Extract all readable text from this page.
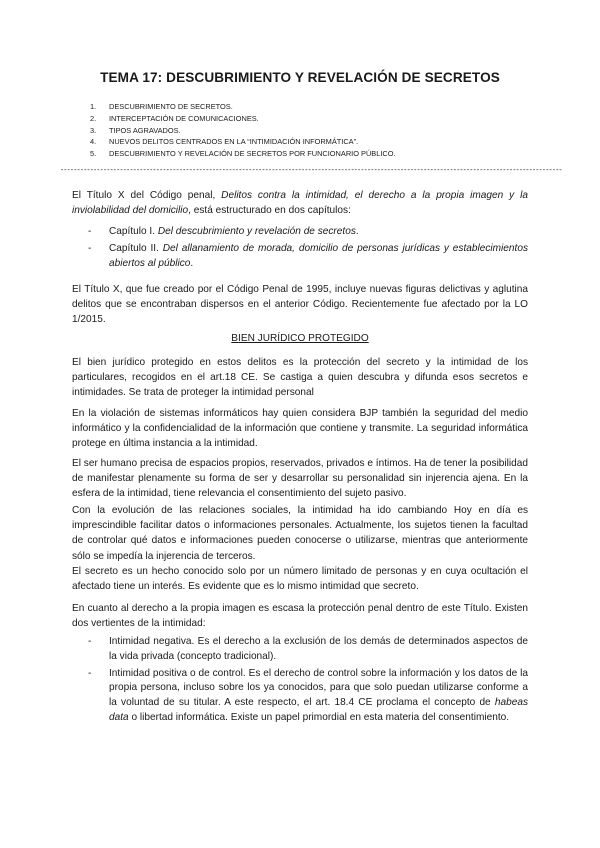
TEMA 17: DESCUBRIMIENTO Y REVELACIÓN DE SECRETOS
1. DESCUBRIMIENTO DE SECRETOS.
2. INTERCEPTACIÓN DE COMUNICACIONES.
3. TIPOS AGRAVADOS.
4. NUEVOS DELITOS CENTRADOS EN LA “INTIMIDACIÓN INFORMÁTICA”.
5. DESCUBRIMIENTO Y REVELACIÓN DE SECRETOS POR FUNCIONARIO PÚBLICO.
--------------------------------------------------------------------------------------------------------------------------------------------------------

El Título X del Código penal, Delitos contra la intimidad, el derecho a la propia imagen y la inviolabilidad del domicilio, está estructurado en dos capítulos:

- Capítulo I. Del descubrimiento y revelación de secretos.
- Capítulo II. Del allanamiento de morada, domicilio de personas jurídicas y establecimientos abiertos al público.

El Título X, que fue creado por el Código Penal de 1995, incluye nuevas figuras delictivas y aglutina delitos que se encontraban dispersos en el anterior Código. Recientemente fue afectado por la LO 1/2015.

BIEN JURÍDICO PROTEGIDO

El bien jurídico protegido en estos delitos es la protección del secreto y la intimidad de los particulares, recogidos en el art.18 CE. Se castiga a quien descubra y difunda esos secretos e intimidades. Se trata de proteger la intimidad personal

En la violación de sistemas informáticos hay quien considera BJP también la seguridad del medio informático y la confidencialidad de la información que contiene y transmite. La seguridad informática protege en última instancia a la intimidad.

El ser humano precisa de espacios propios, reservados, privados e íntimos. Ha de tener la posibilidad de manifestar plenamente su forma de ser y desarrollar su personalidad sin injerencia ajena. En la esfera de la intimidad, tiene relevancia el consentimiento del sujeto pasivo.

Con la evolución de las relaciones sociales, la intimidad ha ido cambiando Hoy en día es imprescindible facilitar datos o informaciones personales. Actualmente, los sujetos tienen la facultad de controlar qué datos e informaciones pueden conocerse o utilizarse, mientras que anteriormente sólo se impedía la injerencia de terceros.

El secreto es un hecho conocido solo por un número limitado de personas y en cuya ocultación el afectado tiene un interés. Es evidente que es lo mismo intimidad que secreto.

En cuanto al derecho a la propia imagen es escasa la protección penal dentro de este Título. Existen dos vertientes de la intimidad:

- Intimidad negativa. Es el derecho a la exclusión de los demás de determinados aspectos de la vida privada (concepto tradicional).
- Intimidad positiva o de control. Es el derecho de control sobre la información y los datos de la propia persona, incluso sobre los ya conocidos, para que solo puedan utilizarse conforme a la voluntad de su titular. A este respecto, el art. 18.4 CE proclama el concepto de habeas data o libertad informática. Existe un papel primordial en esta materia del consentimiento.
